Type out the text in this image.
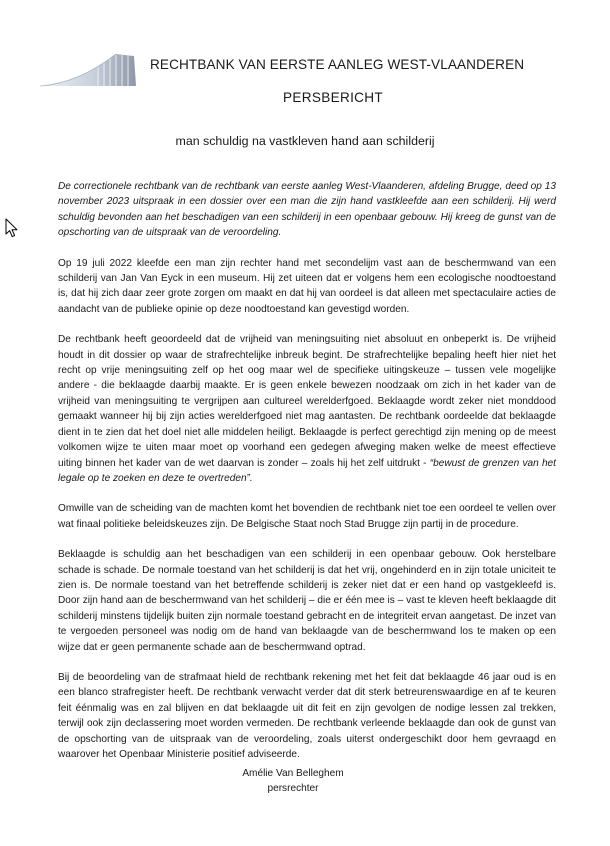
RECHTBANK VAN EERSTE AANLEG WEST-VLAANDEREN
PERSBERICHT
man schuldig na vastkleven hand aan schilderij

De correctionele rechtbank van de rechtbank van eerste aanleg West-Vlaanderen, afdeling Brugge, deed op 13 november 2023 uitspraak in een dossier over een man die zijn hand vastkleefde aan een schilderij. Hij werd schuldig bevonden aan het beschadigen van een schilderij in een openbaar gebouw. Hij kreeg de gunst van de opschorting van de uitspraak van de veroordeling.

Op 19 juli 2022 kleefde een man zijn rechter hand met secondelijm vast aan de beschermwand van een schilderij van Jan Van Eyck in een museum. Hij zet uiteen dat er volgens hem een ecologische noodtoestand is, dat hij zich daar zeer grote zorgen om maakt en dat hij van oordeel is dat alleen met spectaculaire acties de aandacht van de publieke opinie op deze noodtoestand kan gevestigd worden.

De rechtbank heeft geoordeeld dat de vrijheid van meningsuiting niet absoluut en onbeperkt is. De vrijheid houdt in dit dossier op waar de strafrechtelijke inbreuk begint. De strafrechtelijke bepaling heeft hier niet het recht op vrije meningsuiting zelf op het oog maar wel de specifieke uitingskeuze – tussen vele mogelijke andere - die beklaagde daarbij maakte. Er is geen enkele bewezen noodzaak om zich in het kader van de vrijheid van meningsuiting te vergrijpen aan cultureel werelderfgoed. Beklaagde wordt zeker niet monddood gemaakt wanneer hij bij zijn acties werelderfgoed niet mag aantasten. De rechtbank oordeelde dat beklaagde dient in te zien dat het doel niet alle middelen heiligt. Beklaagde is perfect gerechtigd zijn mening op de meest volkomen wijze te uiten maar moet op voorhand een gedegen afweging maken welke de meest effectieve uiting binnen het kader van de wet daarvan is zonder – zoals hij het zelf uitdrukt - “bewust de grenzen van het legale op te zoeken en deze te overtreden”.

Omwille van de scheiding van de machten komt het bovendien de rechtbank niet toe een oordeel te vellen over wat finaal politieke beleidskeuzes zijn. De Belgische Staat noch Stad Brugge zijn partij in de procedure.

Beklaagde is schuldig aan het beschadigen van een schilderij in een openbaar gebouw. Ook herstelbare schade is schade. De normale toestand van het schilderij is dat het vrij, ongehinderd en in zijn totale uniciteit te zien is. De normale toestand van het betreffende schilderij is zeker niet dat er een hand op vastgekleefd is. Door zijn hand aan de beschermwand van het schilderij – die er één mee is – vast te kleven heeft beklaagde dit schilderij minstens tijdelijk buiten zijn normale toestand gebracht en de integriteit ervan aangetast. De inzet van te vergoeden personeel was nodig om de hand van beklaagde van de beschermwand los te maken op een wijze dat er geen permanente schade aan de beschermwand optrad.

Bij de beoordeling van de strafmaat hield de rechtbank rekening met het feit dat beklaagde 46 jaar oud is en een blanco strafregister heeft. De rechtbank verwacht verder dat dit sterk betreurenswaardige en af te keuren feit éénmalig was en zal blijven en dat beklaagde uit dit feit en zijn gevolgen de nodige lessen zal trekken, terwijl ook zijn declassering moet worden vermeden. De rechtbank verleende beklaagde dan ook de gunst van de opschorting van de uitspraak van de veroordeling, zoals uiterst ondergeschikt door hem gevraagd en waarover het Openbaar Ministerie positief adviseerde.

Amélie Van Belleghem
persrechter
